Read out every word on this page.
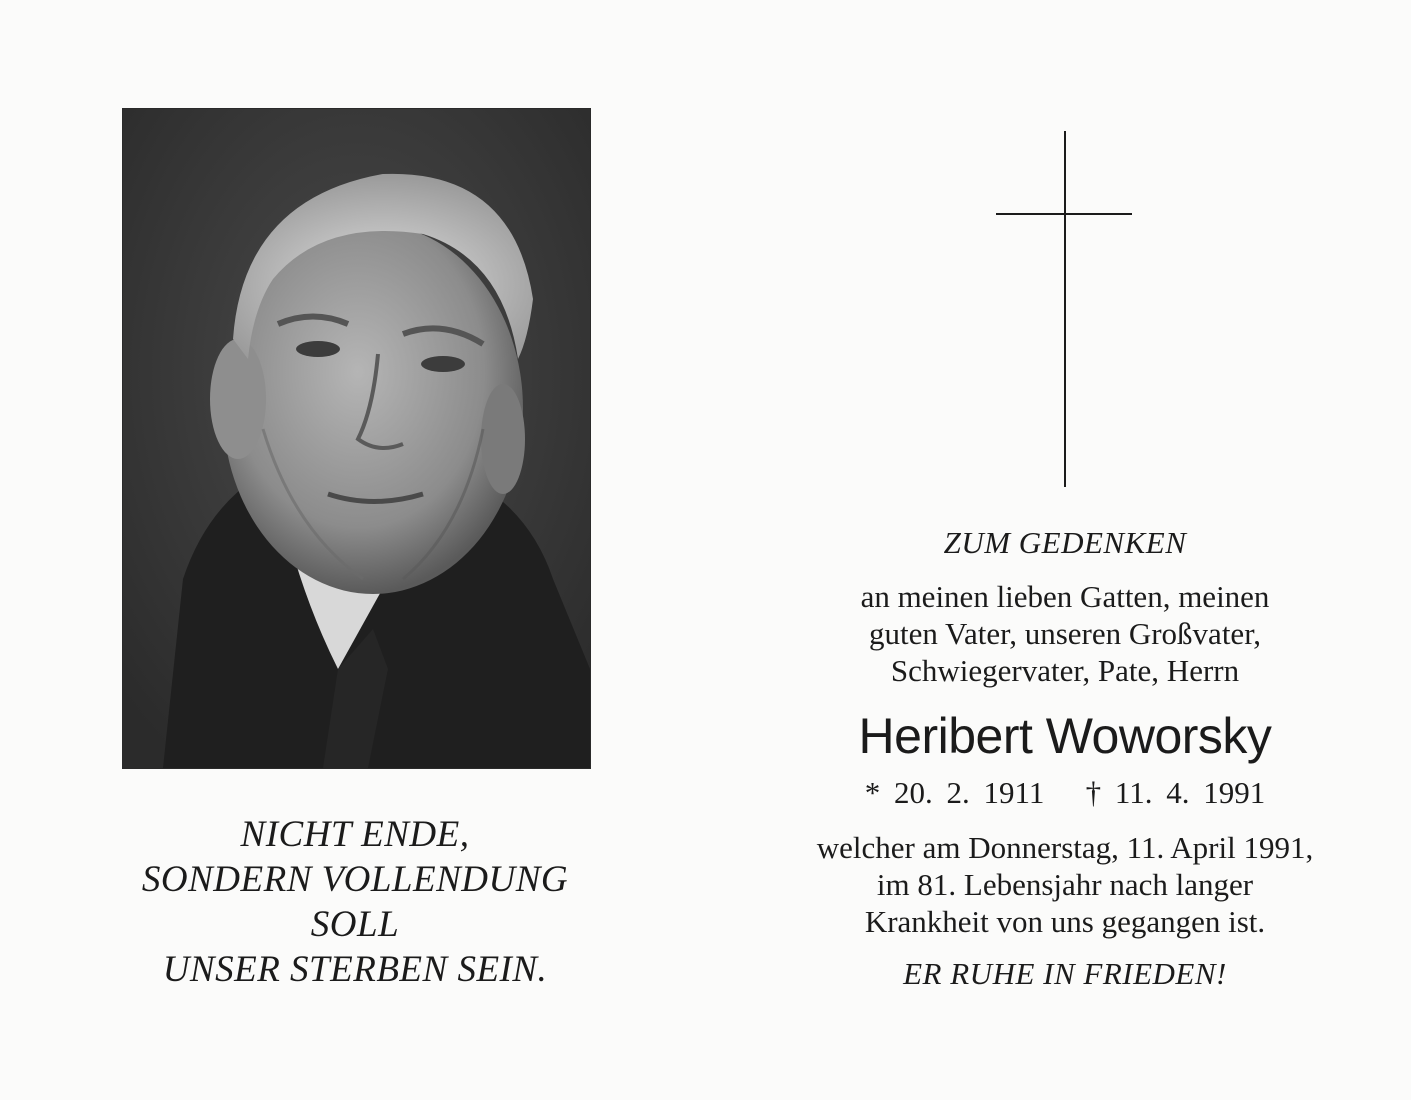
NICHT ENDE,
SONDERN VOLLENDUNG
SOLL
UNSER STERBEN SEIN.
ZUM GEDENKEN
an meinen lieben Gatten, meinen
guten Vater, unseren Großvater,
Schwiegervater, Pate, Herrn
Heribert Woworsky
* 20. 2. 1911   † 11. 4. 1991
welcher am Donnerstag, 11. April 1991,
im 81. Lebensjahr nach langer
Krankheit von uns gegangen ist.
ER RUHE IN FRIEDEN!
